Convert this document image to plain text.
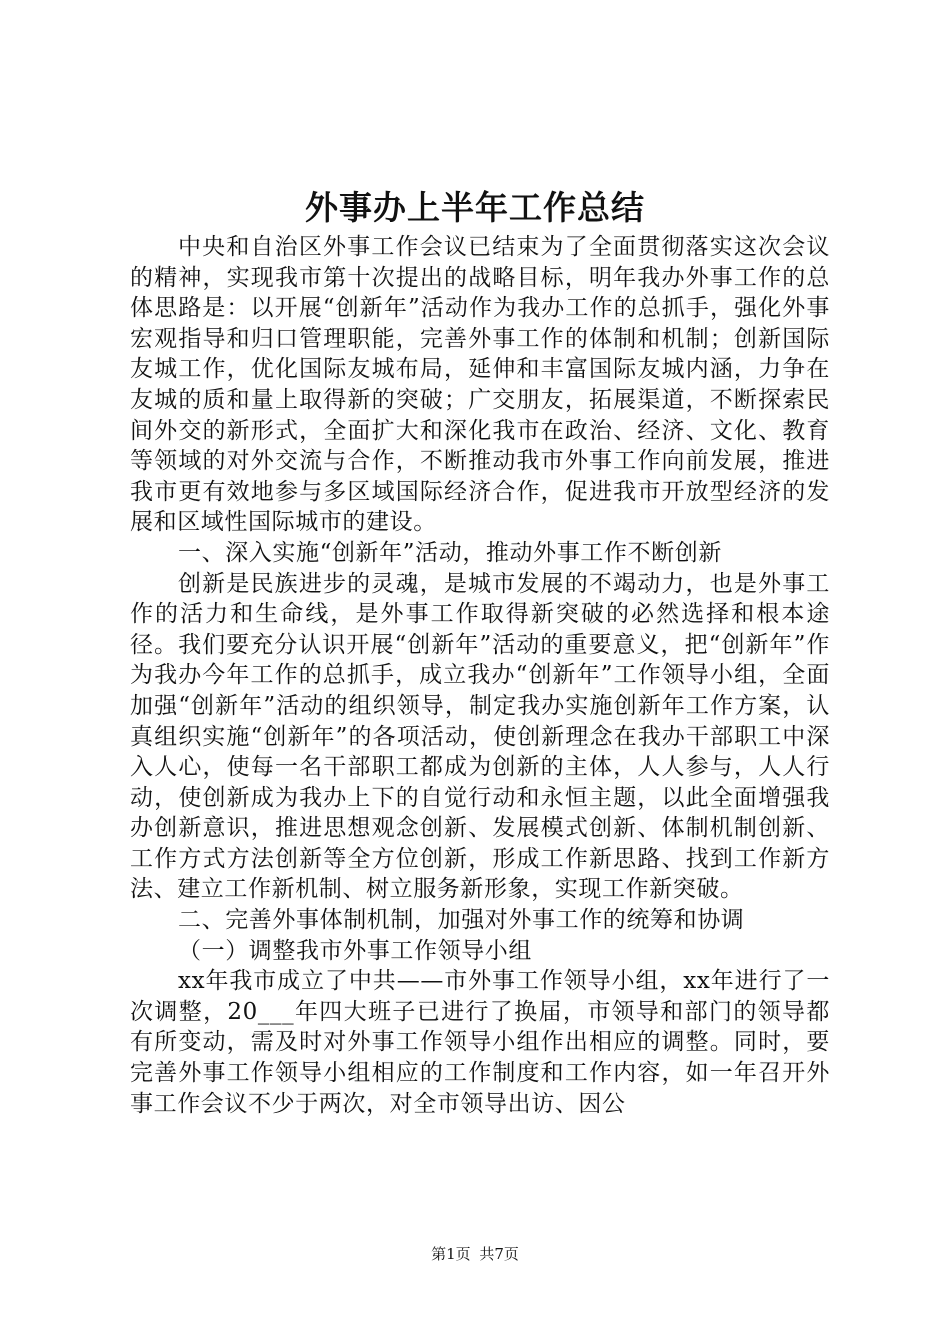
外事办上半年工作总结

中央和自治区外事工作会议已结束为了全面贯彻落实这次会议的精神，实现我市第十次提出的战略目标，明年我办外事工作的总体思路是：以开展“创新年”活动作为我办工作的总抓手，强化外事宏观指导和归口管理职能，完善外事工作的体制和机制；创新国际友城工作，优化国际友城布局，延伸和丰富国际友城内涵，力争在友城的质和量上取得新的突破；广交朋友，拓展渠道，不断探索民间外交的新形式，全面扩大和深化我市在政治、经济、文化、教育等领域的对外交流与合作，不断推动我市外事工作向前发展，推进我市更有效地参与多区域国际经济合作，促进我市开放型经济的发展和区域性国际城市的建设。

一、深入实施“创新年”活动，推动外事工作不断创新

创新是民族进步的灵魂，是城市发展的不竭动力，也是外事工作的活力和生命线，是外事工作取得新突破的必然选择和根本途径。我们要充分认识开展“创新年”活动的重要意义，把“创新年”作为我办今年工作的总抓手，成立我办“创新年”工作领导小组，全面加强“创新年”活动的组织领导，制定我办实施创新年工作方案，认真组织实施“创新年”的各项活动，使创新理念在我办干部职工中深入人心，使每一名干部职工都成为创新的主体，人人参与，人人行动，使创新成为我办上下的自觉行动和永恒主题，以此全面增强我办创新意识，推进思想观念创新、发展模式创新、体制机制创新、工作方式方法创新等全方位创新，形成工作新思路、找到工作新方法、建立工作新机制、树立服务新形象，实现工作新突破。

二、完善外事体制机制，加强对外事工作的统筹和协调

（一）调整我市外事工作领导小组

xx年我市成立了中共——市外事工作领导小组，xx年进行了一次调整，20___年四大班子已进行了换届，市领导和部门的领导都有所变动，需及时对外事工作领导小组作出相应的调整。同时，要完善外事工作领导小组相应的工作制度和工作内容，如一年召开外事工作会议不少于两次，对全市领导出访、因公

第1页 共7页
